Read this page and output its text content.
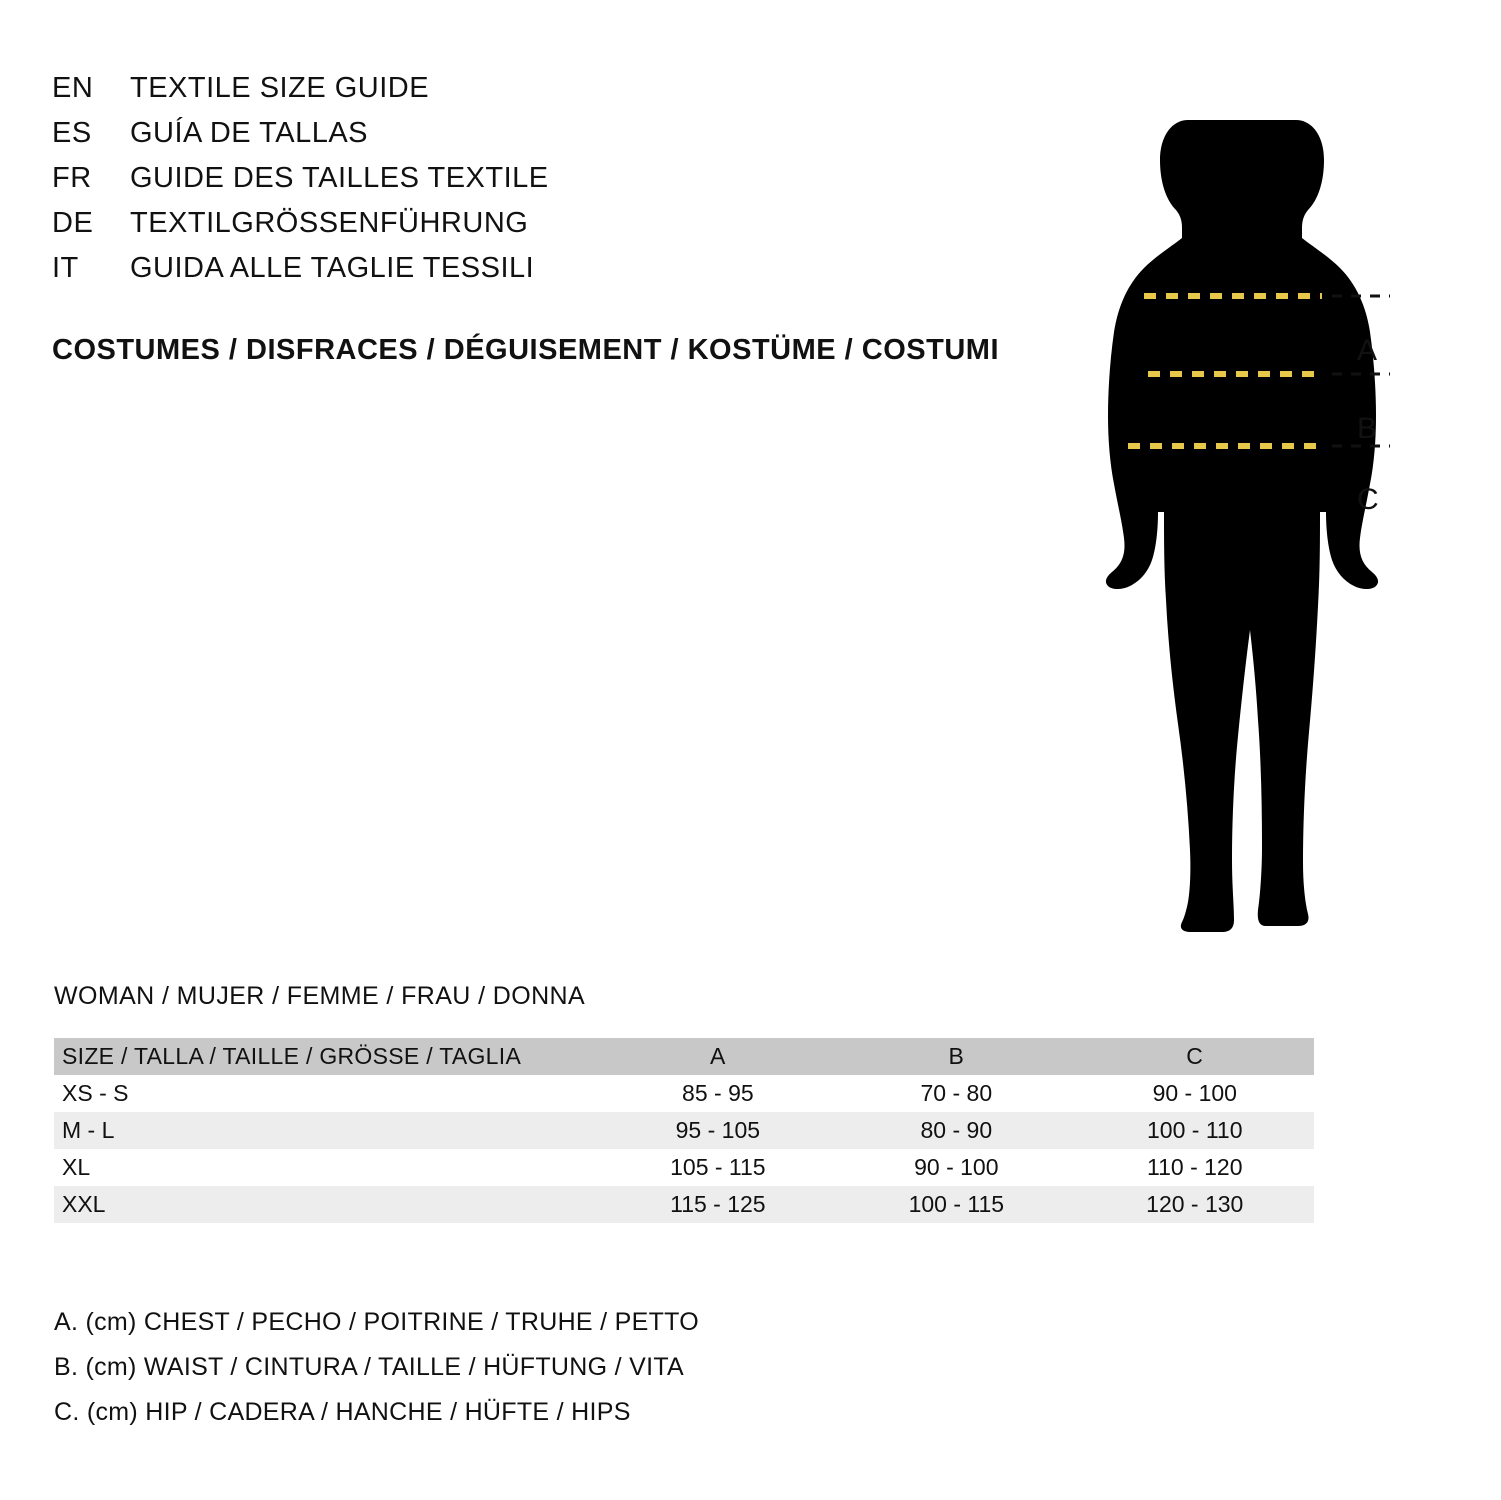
EN	TEXTILE SIZE GUIDE
ES	GUÍA DE TALLAS
FR	GUIDE DES TAILLES TEXTILE
DE	TEXTILGRÖSSENFÜHRUNG
IT	GUIDA ALLE TAGLIE TESSILI
COSTUMES / DISFRACES / DÉGUISEMENT / KOSTÜME / COSTUMI	A
B
C
WOMAN / MUJER / FEMME / FRAU / DONNA
SIZE / TALLA / TAILLE / GRÖSSE / TAGLIA	A	B	C
XS - S	85 - 95	70 - 80	90 - 100
M - L	95 - 105	80 - 90	100 - 110
XL	105 - 115	90 - 100	110 - 120
XXL	115 - 125	100 - 115	120 - 130
A. (cm) CHEST / PECHO / POITRINE / TRUHE / PETTO
B. (cm) WAIST / CINTURA / TAILLE / HÜFTUNG / VITA
C. (cm) HIP / CADERA / HANCHE / HÜFTE / HIPS
